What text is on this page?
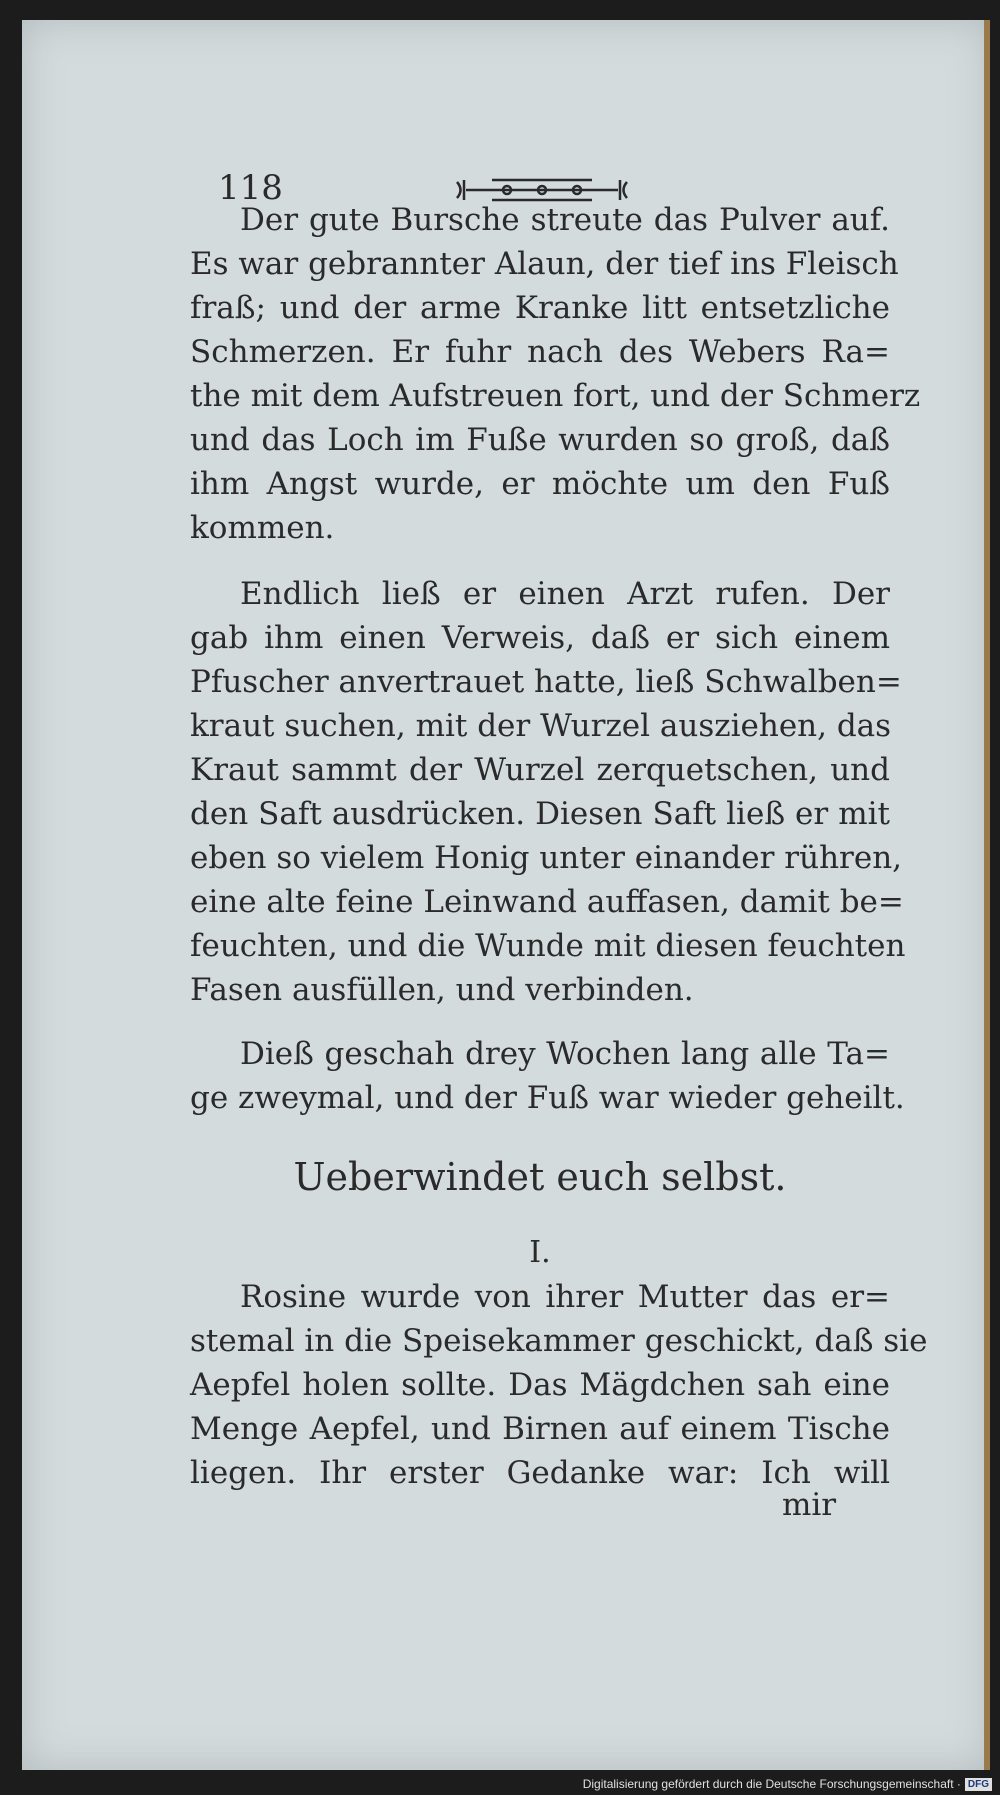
118
Der gute Bursche streute das Pulver auf.
Es war gebrannter Alaun, der tief ins Fleisch
fraß; und der arme Kranke litt entsetzliche
Schmerzen. Er fuhr nach des Webers Ra=
the mit dem Aufstreuen fort, und der Schmerz
und das Loch im Fuße wurden so groß, daß
ihm Angst wurde, er möchte um den Fuß
kommen.
Endlich ließ er einen Arzt rufen. Der
gab ihm einen Verweis, daß er sich einem
Pfuscher anvertrauet hatte, ließ Schwalben=
kraut suchen, mit der Wurzel ausziehen, das
Kraut sammt der Wurzel zerquetschen, und
den Saft ausdrücken. Diesen Saft ließ er mit
eben so vielem Honig unter einander rühren,
eine alte feine Leinwand auffasen, damit be=
feuchten, und die Wunde mit diesen feuchten
Fasen ausfüllen, und verbinden.
Dieß geschah drey Wochen lang alle Ta=
ge zweymal, und der Fuß war wieder geheilt.
Ueberwindet euch selbst.
I.
Rosine wurde von ihrer Mutter das er=
stemal in die Speisekammer geschickt, daß sie
Aepfel holen sollte. Das Mägdchen sah eine
Menge Aepfel, und Birnen auf einem Tische
liegen. Ihr erster Gedanke war: Ich will
mir
Digitalisierung gefördert durch die Deutsche Forschungsgemeinschaft · DFG
